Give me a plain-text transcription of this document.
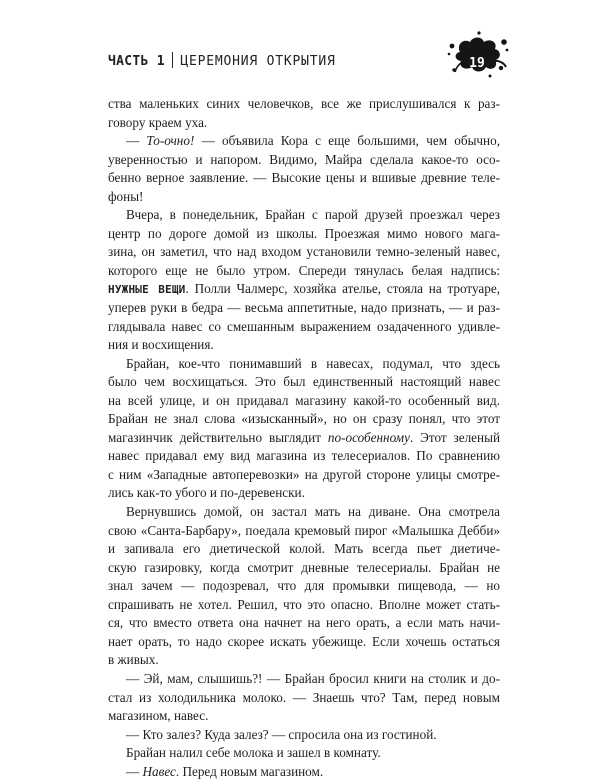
ЧАСТЬ 1 ЦЕРЕМОНИЯ ОТКРЫТИЯ	19
ства маленьких синих человечков, все же прислушивался к раз-
говору краем уха.
— То-очно! — объявила Кора с еще большими, чем обычно,
уверенностью и напором. Видимо, Майра сделала какое-то осо-
бенно верное заявление. — Высокие цены и вшивые древние теле-
фоны!
Вчера, в понедельник, Брайан с парой друзей проезжал через
центр по дороге домой из школы. Проезжая мимо нового мага-
зина, он заметил, что над входом установили темно-зеленый навес,
которого еще не было утром. Спереди тянулась белая надпись:
НУЖНЫЕ ВЕЩИ. Полли Чалмерс, хозяйка ателье, стояла на тротуаре,
уперев руки в бедра — весьма аппетитные, надо признать, — и раз-
глядывала навес со смешанным выражением озадаченного удивле-
ния и восхищения.
Брайан, кое-что понимавший в навесах, подумал, что здесь
было чем восхищаться. Это был единственный настоящий навес
на всей улице, и он придавал магазину какой-то особенный вид.
Брайан не знал слова «изысканный», но он сразу понял, что этот
магазинчик действительно выглядит по-особенному. Этот зеленый
навес придавал ему вид магазина из телесериалов. По сравнению
с ним «Западные автоперевозки» на другой стороне улицы смотре-
лись как-то убого и по-деревенски.
Вернувшись домой, он застал мать на диване. Она смотрела
свою «Санта-Барбару», поедала кремовый пирог «Малышка Дебби»
и запивала его диетической колой. Мать всегда пьет диетиче-
скую газировку, когда смотрит дневные телесериалы. Брайан не
знал зачем — подозревал, что для промывки пищевода, — но
спрашивать не хотел. Решил, что это опасно. Вполне может стать-
ся, что вместо ответа она начнет на него орать, а если мать начи-
нает орать, то надо скорее искать убежище. Если хочешь остаться
в живых.
— Эй, мам, слышишь?! — Брайан бросил книги на столик и до-
стал из холодильника молоко. — Знаешь что? Там, перед новым
магазином, навес.
— Кто залез? Куда залез? — спросила она из гостиной.
Брайан налил себе молока и зашел в комнату.
— Навес. Перед новым магазином.
